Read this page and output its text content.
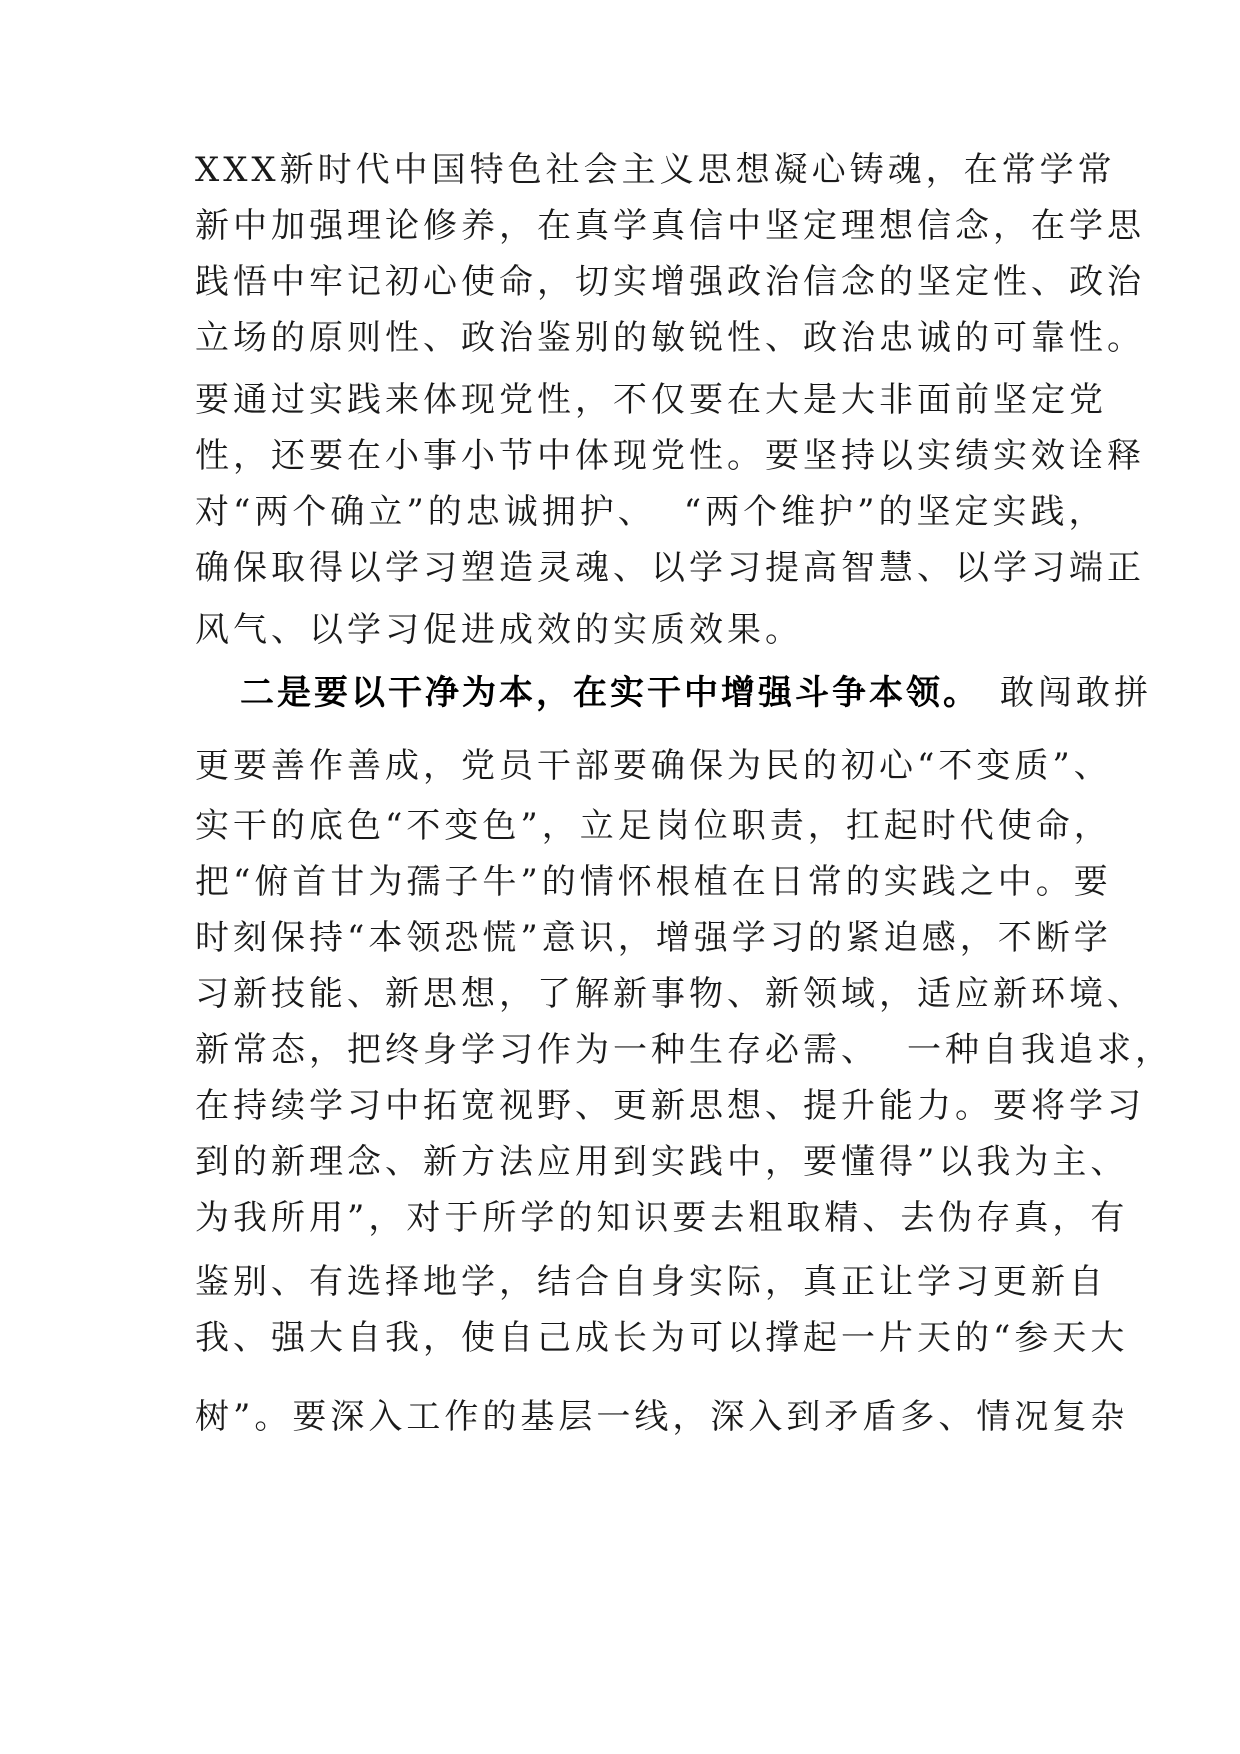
XXX新时代中国特色社会主义思想凝心铸魂，在常学常

新中加强理论修养，在真学真信中坚定理想信念，在学思

践悟中牢记初心使命，切实增强政治信念的坚定性、政治

立场的原则性、政治鉴别的敏锐性、政治忠诚的可靠性。

要通过实践来体现党性，不仅要在大是大非面前坚定党

性，还要在小事小节中体现党性。要坚持以实绩实效诠释

对“两个确立”的忠诚拥护、 “两个维护”的坚定实践，

确保取得以学习塑造灵魂、以学习提高智慧、以学习端正

风气、以学习促进成效的实质效果。

二是要以干净为本，在实干中增强斗争本领。 敢闯敢拼

更要善作善成，党员干部要确保为民的初心“不变质”、

实干的底色“不变色”，立足岗位职责，扛起时代使命，

把“俯首甘为孺子牛”的情怀根植在日常的实践之中。要

时刻保持“本领恐慌”意识，增强学习的紧迫感，不断学

习新技能、新思想，了解新事物、新领域，适应新环境、

新常态，把终身学习作为一种生存必需、 一种自我追求，

在持续学习中拓宽视野、更新思想、提升能力。要将学习

到的新理念、新方法应用到实践中，要懂得”以我为主、

为我所用”，对于所学的知识要去粗取精、去伪存真，有

鉴别、有选择地学，结合自身实际，真正让学习更新自

我、强大自我，使自己成长为可以撑起一片天的“参天大

树”。要深入工作的基层一线，深入到矛盾多、情况复杂
